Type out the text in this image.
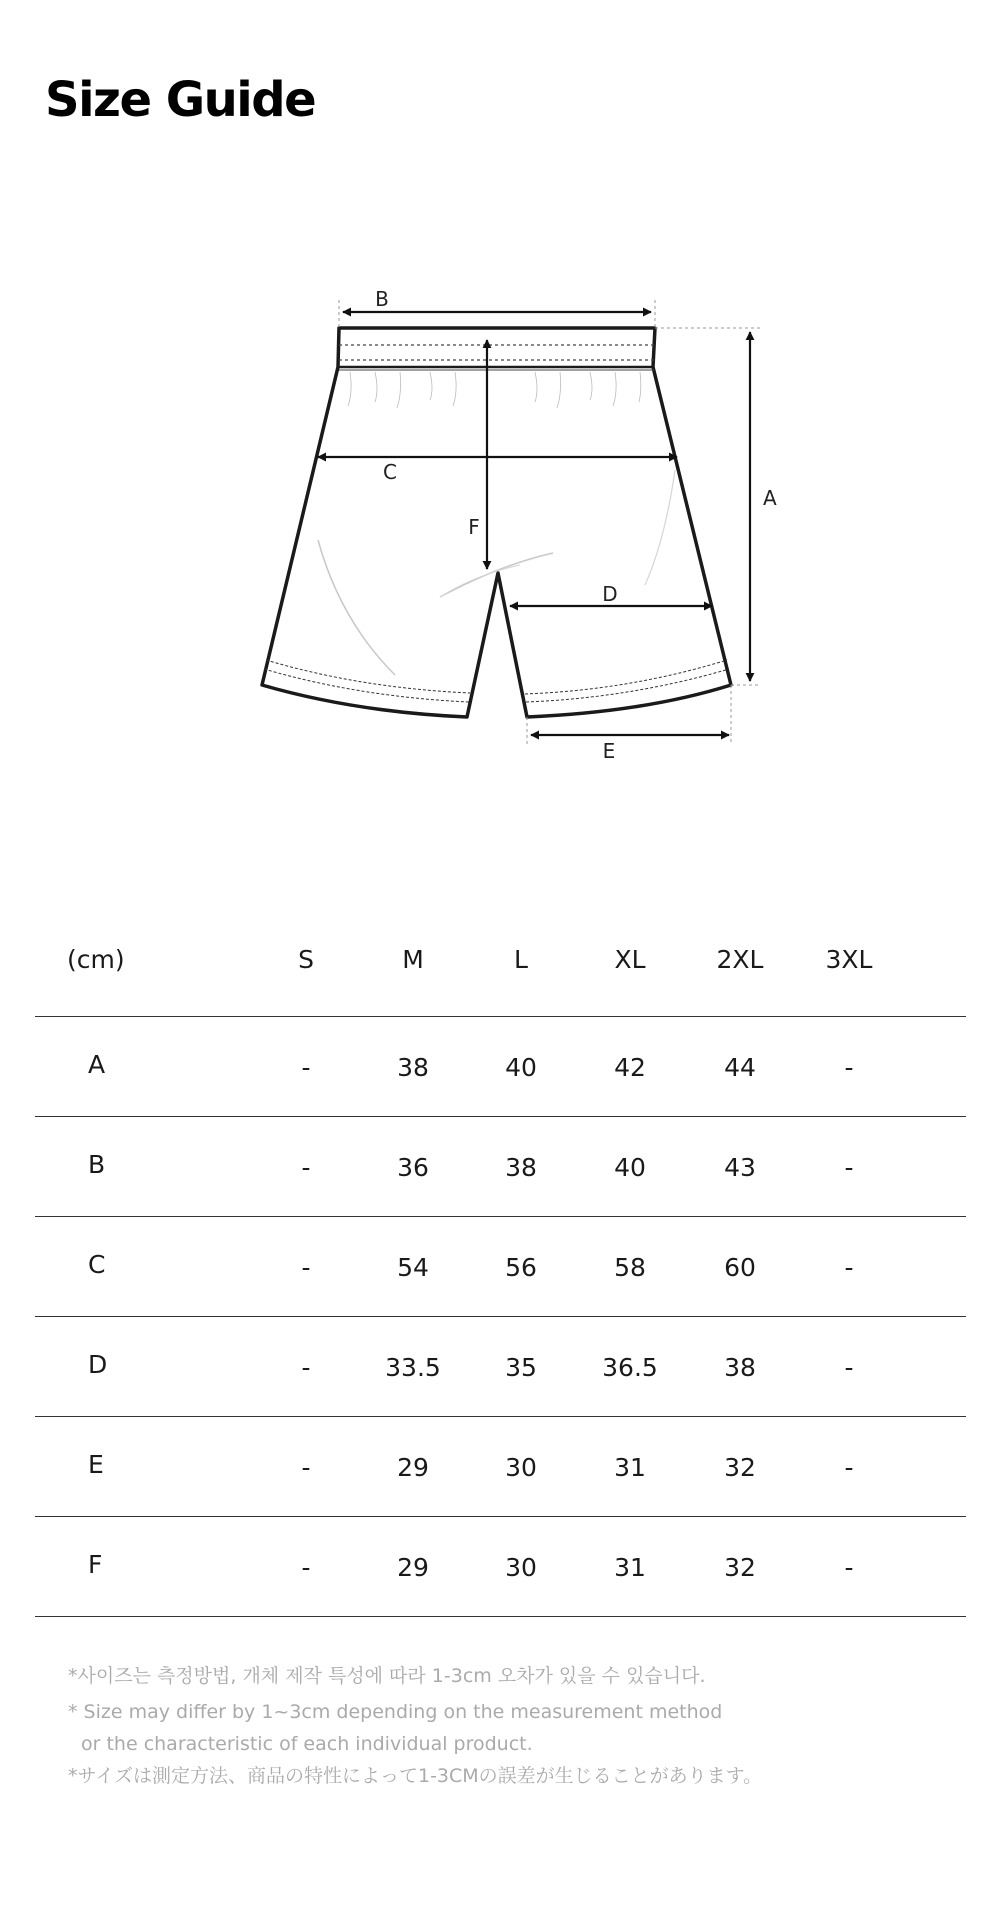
Size Guide
B
A
C
F
D
E
(cm)	S	M	L	XL	2XL	3XL	
A	-	38	40	42	44	-	
B	-	36	38	40	43	-	
C	-	54	56	58	60	-	
D	-	33.5	35	36.5	38	-	
E	-	29	30	31	32	-	
F	-	29	30	31	32	-	

*사이즈는 측정방법, 개체 제작 특성에 따라 1-3cm 오차가 있을 수 있습니다.

* Size may differ by 1~3cm depending on the measurement method

or the characteristic of each individual product.

*サイズは測定方法、商品の特性によって1-3CMの誤差が生じることがあります。
